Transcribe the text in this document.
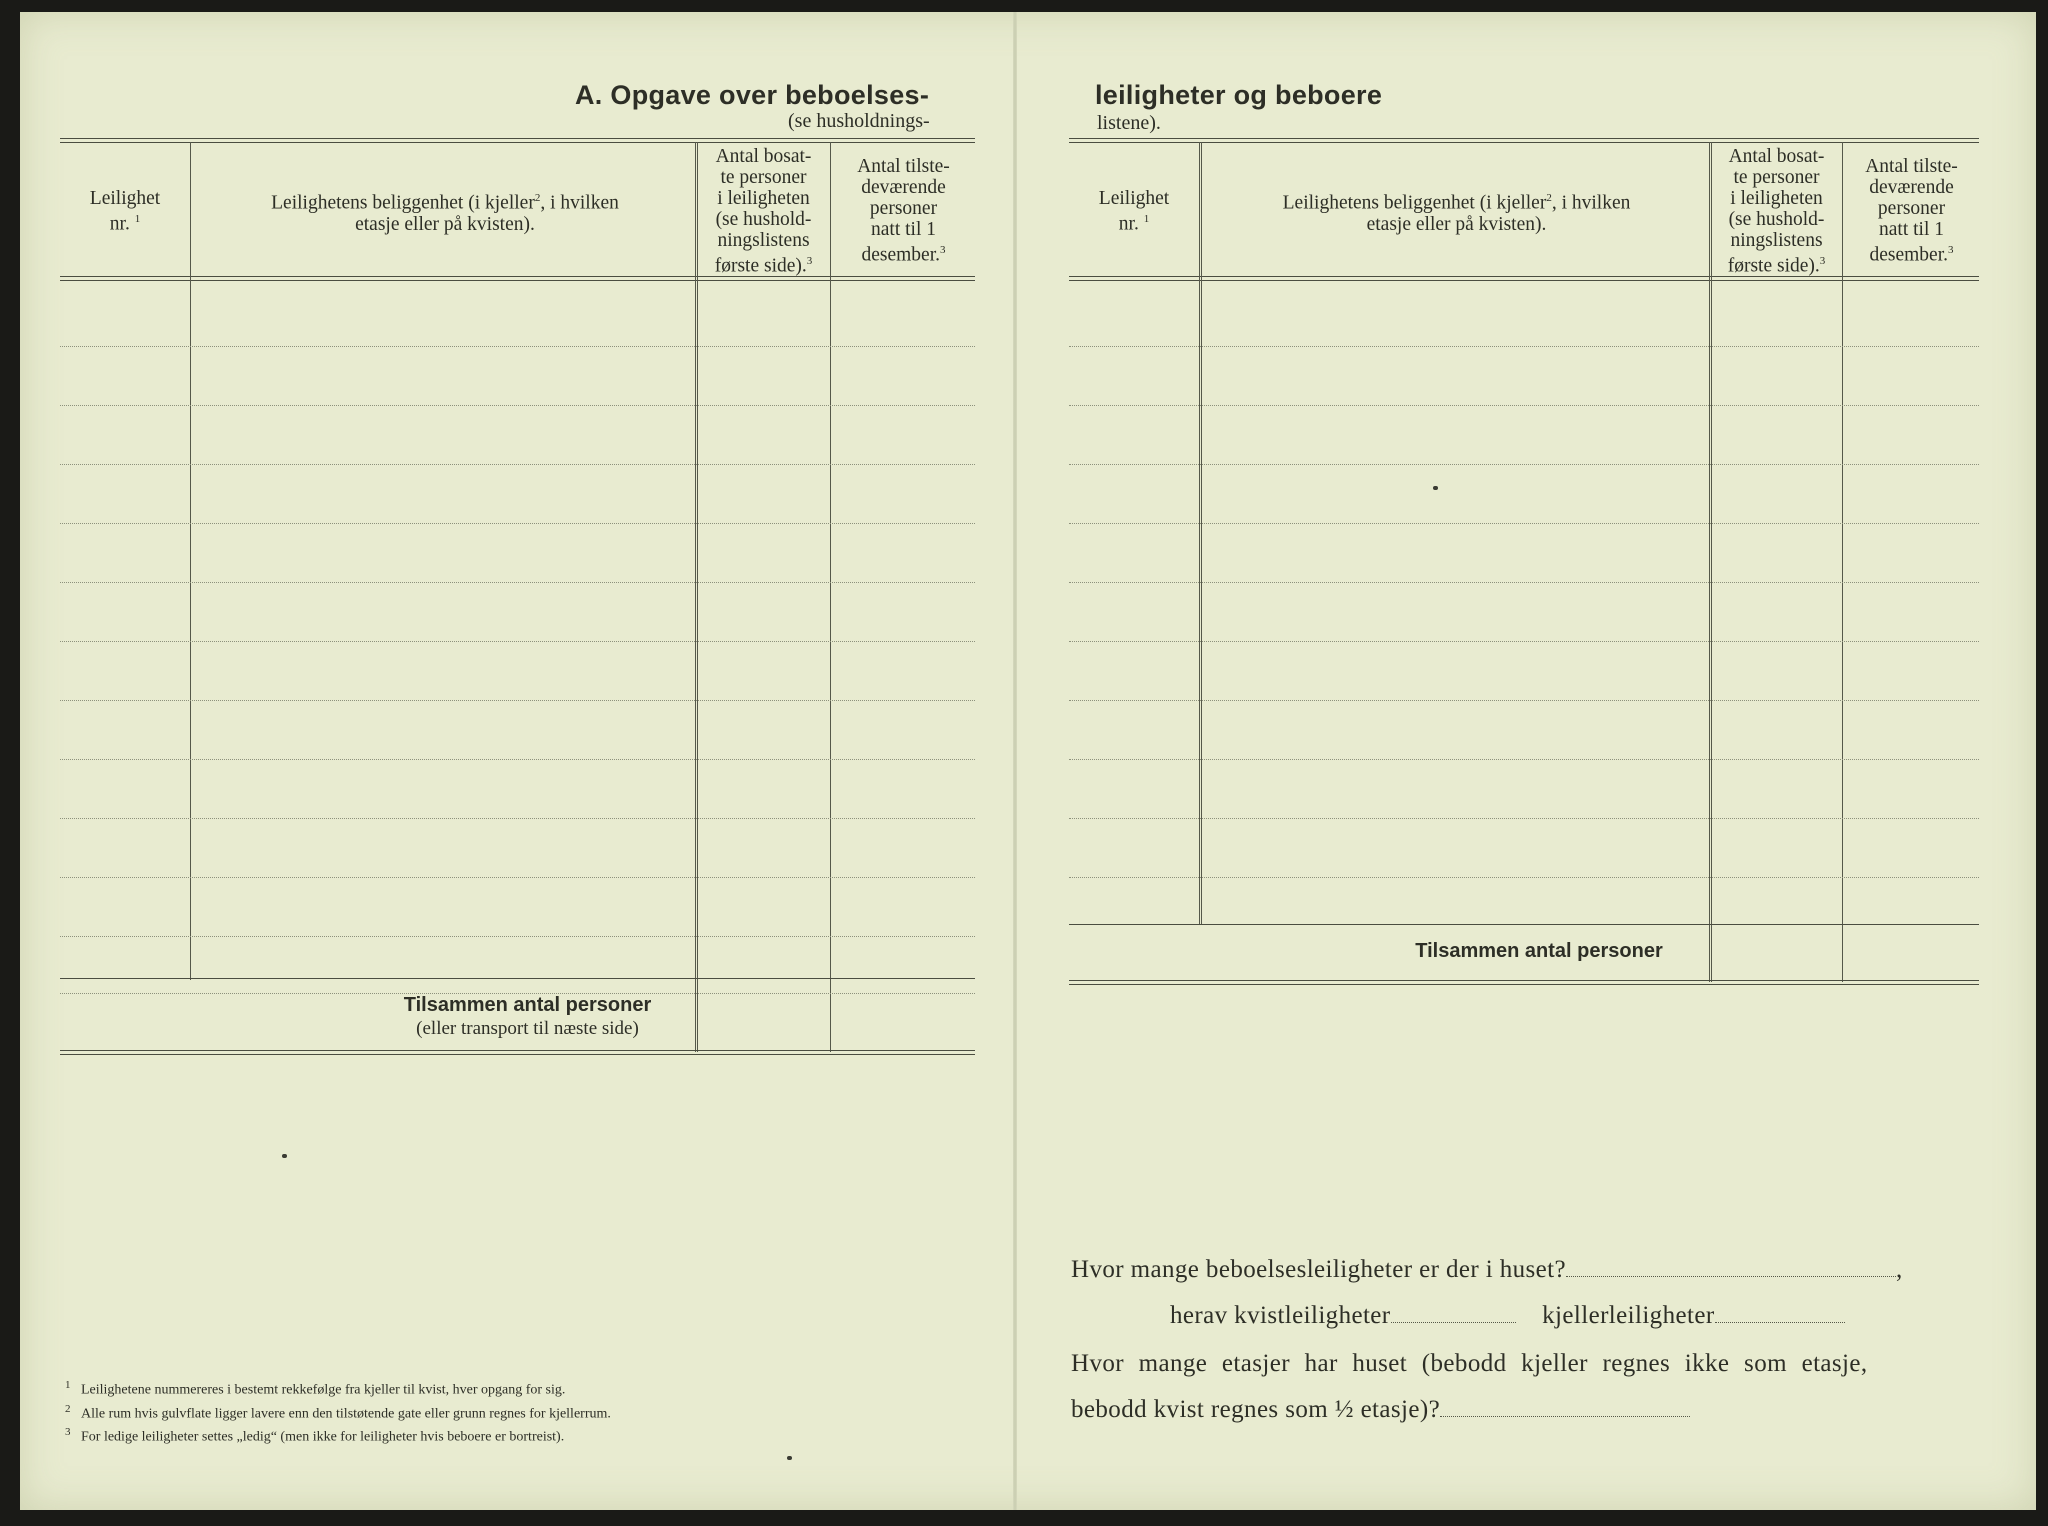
A. Opgave over beboelses-
(se husholdnings-
Leilighet
nr. $^1$
Leilighetens beliggenhet (i kjeller$^2$, i hvilken
etasje eller på kvisten).
Antal bosat-
te personer
i leiligheten
(se hushold-
ningslistens
første side).$^3$
Antal tilste-
deværende
personer
natt til 1
desember.$^3$
Tilsammen antal personer
(eller transport til næste side)
$^1$ Leilighetene nummereres i bestemt rekkefølge fra kjeller til kvist, hver opgang for sig.
$^2$ Alle rum hvis gulvflate ligger lavere enn den tilstøtende gate eller grunn regnes for kjellerrum.
$^3$ For ledige leiligheter settes „ledig“ (men ikke for leiligheter hvis beboere er bortreist).
leiligheter og beboere
listene).
Leilighet
nr. $^1$
Leilighetens beliggenhet (i kjeller$^2$, i hvilken
etasje eller på kvisten).
Antal bosat-
te personer
i leiligheten
(se hushold-
ningslistens
første side).$^3$
Antal tilste-
deværende
personer
natt til 1
desember.$^3$
Tilsammen antal personer
Hvor mange beboelsesleiligheter er der i huset?	,
herav kvistleiligheter	kjellerleiligheter
Hvor mange etasjer har huset (bebodd kjeller regnes ikke som etasje,
bebodd kvist regnes som ½ etasje)?
